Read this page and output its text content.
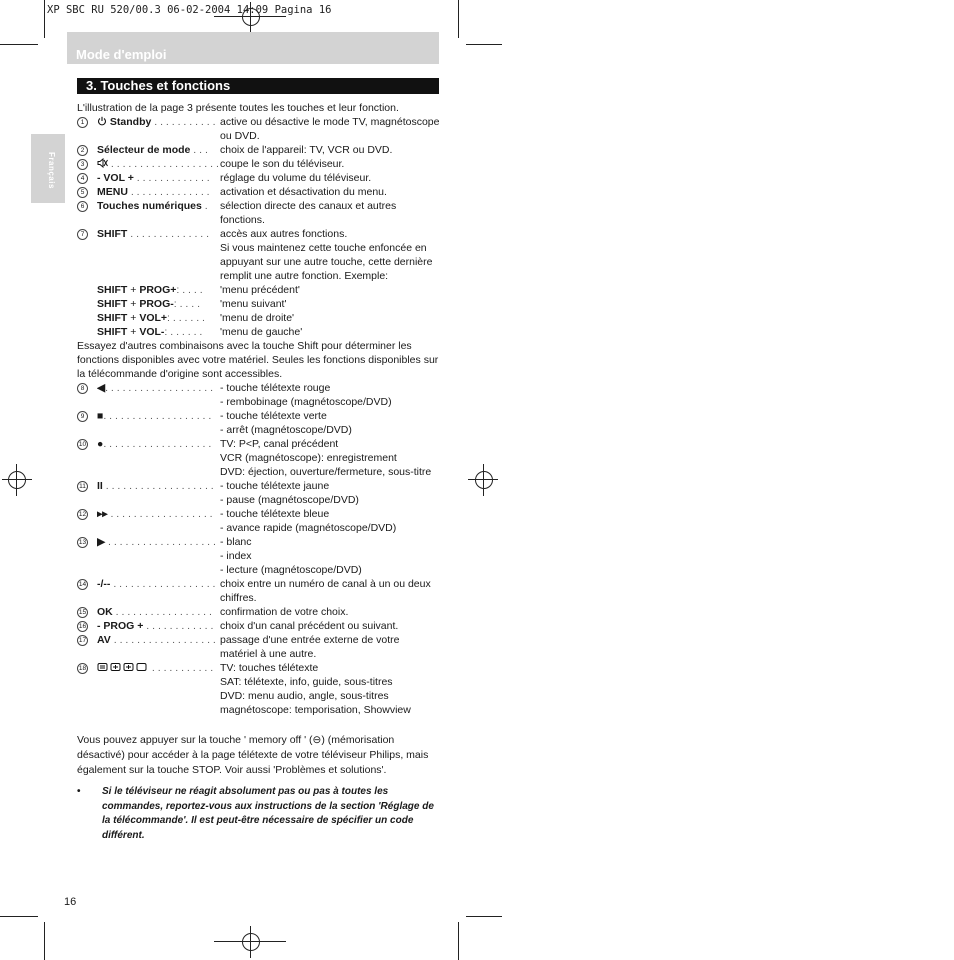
XP SBC RU 520/00.3 06-02-2004 14:09 Pagina 16
Mode d'emploi
Français
3. Touches et fonctions
L'illustration de la page 3 présente toutes les touches et leur fonction.
1	Standby . . . . . . . . . . . active ou désactive le mode TV, magnétoscope
ou DVD.
2	Sélecteur de mode . . .	choix de l'appareil: TV, VCR ou DVD.
3	. . . . . . . . . . . . . . . . . . . coupe le son du téléviseur.
4	- VOL + . . . . . . . . . . . . . réglage du volume du téléviseur.
5	MENU . . . . . . . . . . . . . . activation et désactivation du menu.
6	Touches numériques .	sélection directe des canaux et autres
fonctions.
7	SHIFT . . . . . . . . . . . . . .	accès aux autres fonctions.
Si vous maintenez cette touche enfoncée en
appuyant sur une autre touche, cette dernière
remplit une autre fonction. Exemple:
SHIFT + PROG+: . . . .	'menu précédent'
SHIFT + PROG-: . . . .	'menu suivant'
SHIFT + VOL+: . . . . . .	'menu de droite'
SHIFT + VOL-: . . . . . .	'menu de gauche'
Essayez d'autres combinaisons avec la touche Shift pour déterminer les fonctions disponibles avec votre matériel. Seules les fonctions disponibles sur la télécommande d'origine sont accessibles.
8	◀. . . . . . . . . . . . . . . . . . . - touche télétexte rouge
- rembobinage (magnétoscope/DVD)
9	■. . . . . . . . . . . . . . . . . . . - touche télétexte verte
- arrêt (magnétoscope/DVD)
10	●. . . . . . . . . . . . . . . . . . . TV: P<P, canal précédent
VCR (magnétoscope): enregistrement
DVD: éjection, ouverture/fermeture, sous-titre
11	II . . . . . . . . . . . . . . . . . . . - touche télétexte jaune
- pause (magnétoscope/DVD)
12	▸▸ . . . . . . . . . . . . . . . . . . - touche télétexte bleue
- avance rapide (magnétoscope/DVD)
13	▶ . . . . . . . . . . . . . . . . . . . - blanc
- index
- lecture (magnétoscope/DVD)
14	-/-- . . . . . . . . . . . . . . . . . . choix entre un numéro de canal à un ou deux
chiffres.
15	OK . . . . . . . . . . . . . . . . . confirmation de votre choix.
16	- PROG + . . . . . . . . . . . . choix d'un canal précédent ou suivant.
17	AV . . . . . . . . . . . . . . . . . . passage d'une entrée externe de votre
matériel à une autre.
18	. . . . . . . . . . . TV: touches télétexte
SAT: télétexte, info, guide, sous-titres
DVD: menu audio, angle, sous-titres
magnétoscope: temporisation, Showview
Vous pouvez appuyer sur la touche ' memory off ' (⊖) (mémorisation désactivé) pour accéder à la page télétexte de votre téléviseur Philips, mais également sur la touche STOP. Voir aussi 'Problèmes et solutions'.
•	Si le téléviseur ne réagit absolument pas ou pas à toutes les commandes, reportez-vous aux instructions de la section 'Réglage de la télécommande'. Il est peut-être nécessaire de spécifier un code différent.
16
